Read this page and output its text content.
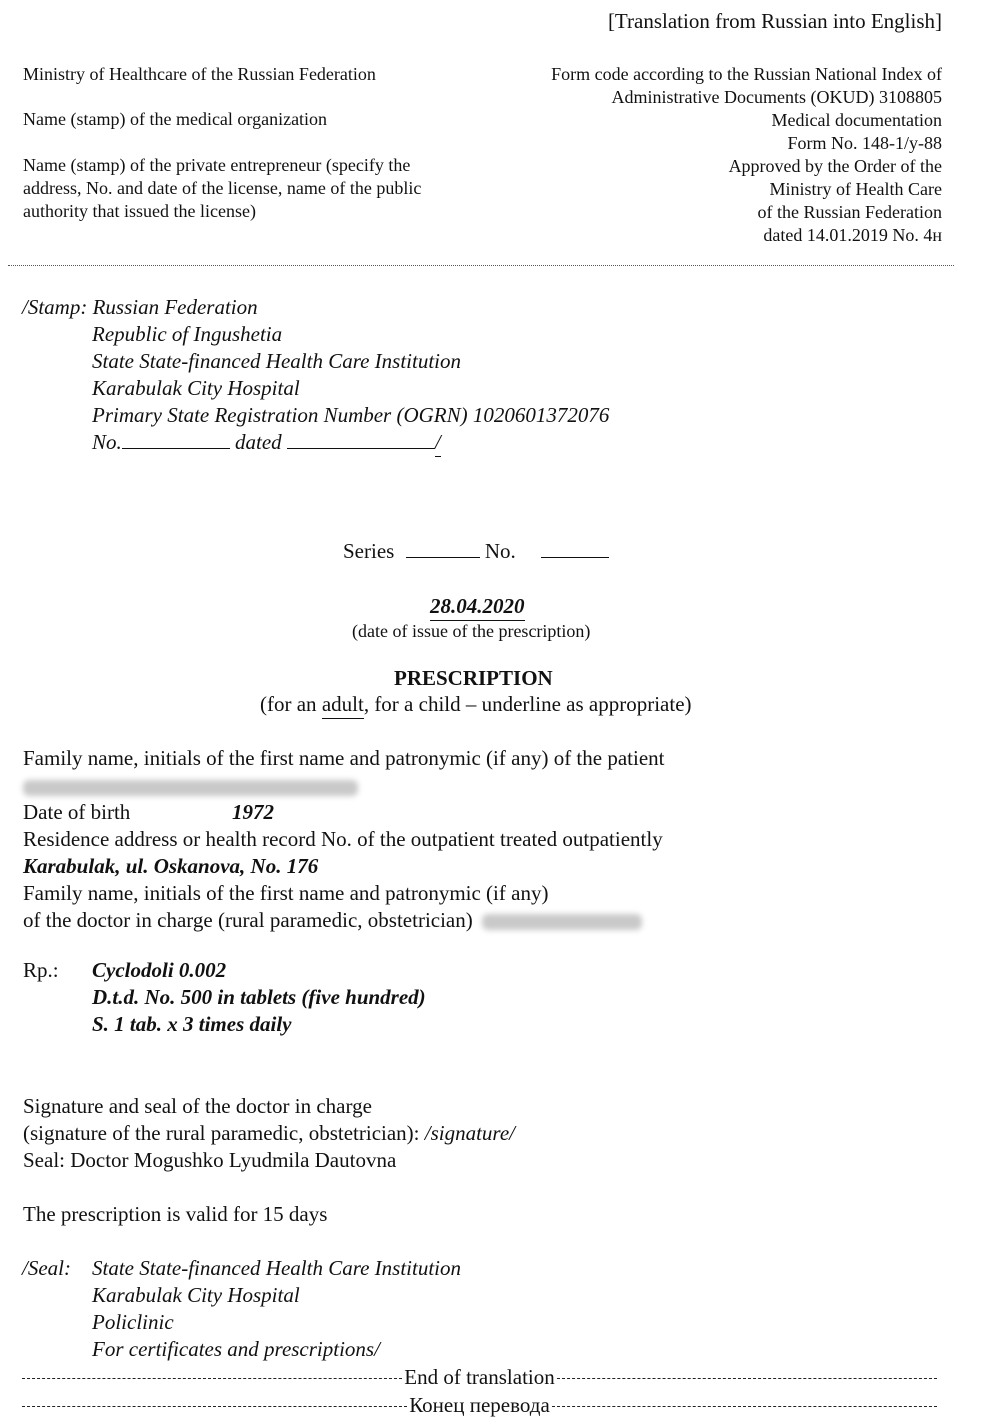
[Translation from Russian into English]
Ministry of Healthcare of the Russian Federation
Name (stamp) of the medical organization
Name (stamp) of the private entrepreneur (specify the
address, No. and date of the license, name of the public
authority that issued the license)
Form code according to the Russian National Index of
Administrative Documents (OKUD) 3108805
Medical documentation
Form No. 148-1/y-88
Approved by the Order of the
Ministry of Health Care
of the Russian Federation
dated 14.01.2019 No. 4н
/Stamp: Russian Federation
Republic of Ingushetia
State State-financed Health Care Institution
Karabulak City Hospital
Primary State Registration Number (OGRN) 1020601372076
No.	dated	/
Series	No.
28.04.2020
(date of issue of the prescription)
PRESCRIPTION
(for an adult, for a child – underline as appropriate)
Family name, initials of the first name and patronymic (if any) of the patient
Date of birth	1972
Residence address or health record No. of the outpatient treated outpatiently
Karabulak, ul. Oskanova, No. 176
Family name, initials of the first name and patronymic (if any)
of the doctor in charge (rural paramedic, obstetrician)
Rp.: Cyclodoli 0.002
D.t.d. No. 500 in tablets (five hundred)
S. 1 tab. x 3 times daily
Signature and seal of the doctor in charge
(signature of the rural paramedic, obstetrician): /signature/
Seal: Doctor Mogushko Lyudmila Dautovna
The prescription is valid for 15 days
/Seal: State State-financed Health Care Institution
Karabulak City Hospital
Policlinic
For certificates and prescriptions/
End of translation
Конец перевода
